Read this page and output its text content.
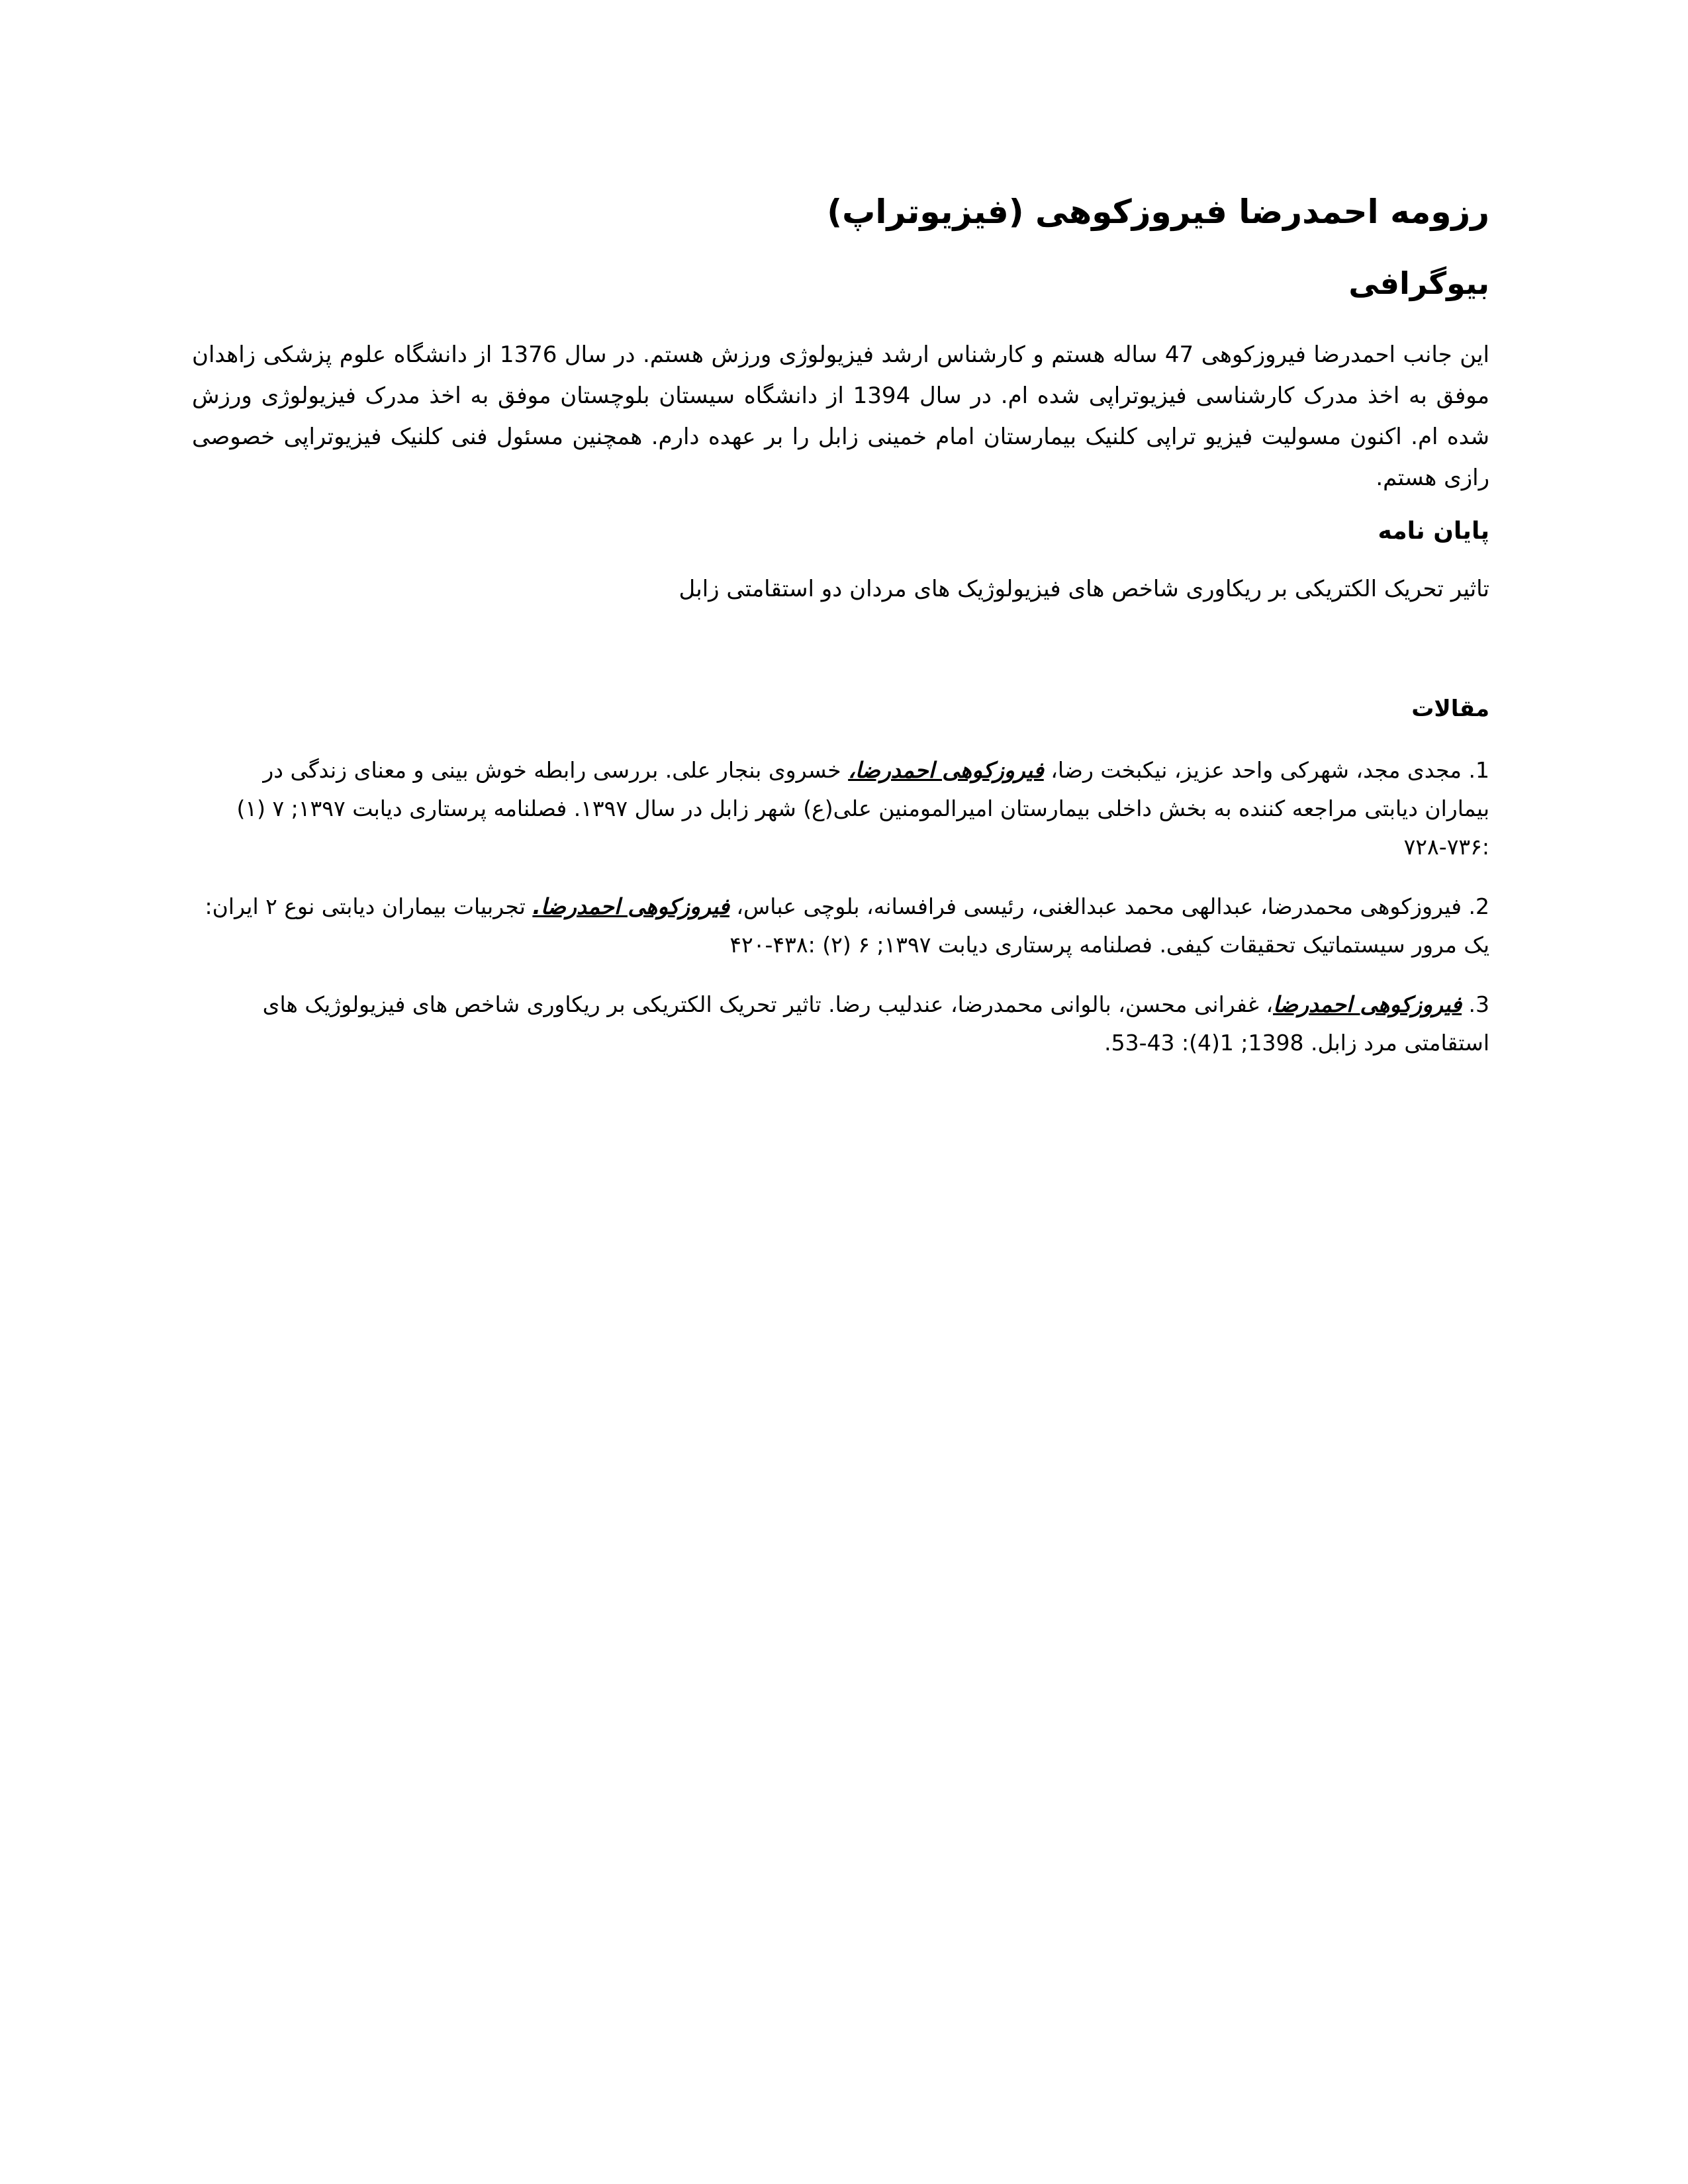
رزومه احمدرضا فیروزکوهی (فیزیوتراپ)
بیوگرافی

این جانب احمدرضا فیروزکوهی 47 ساله هستم و کارشناس ارشد فیزیولوژی ورزش هستم. در سال 1376 از دانشگاه علوم پزشکی زاهدان موفق به اخذ مدرک کارشناسی فیزیوتراپی شده ام. در سال 1394 از دانشگاه سیستان بلوچستان موفق به اخذ مدرک فیزیولوژی ورزش شده ام. اکنون مسولیت فیزیو تراپی کلنیک بیمارستان امام خمینی زابل را بر عهده دارم. همچنین مسئول فنی کلنیک فیزیوتراپی خصوصی رازی هستم.

پایان نامه

تاثیر تحریک الکتریکی بر ریکاوری شاخص های فیزیولوژیک های مردان دو استقامتی زابل

مقالات
1. مجدی مجد، شهرکی واحد عزیز، نیکبخت رضا، فیروزکوهی احمدرضا، خسروی بنجار علی. بررسی رابطه خوش بینی و معنای زندگی در بیماران دیابتی مراجعه کننده به بخش داخلی بیمارستان امیرالمومنین علی(ع) شهر زابل در سال ۱۳۹۷. فصلنامه پرستاری دیابت ۱۳۹۷; ۷ (۱) :۷۳۶-۷۲۸
2. فیروزکوهی محمدرضا، عبدالهی محمد عبدالغنی، رئیسی فرافسانه، بلوچی عباس، فیروزکوهی احمدرضا. تجربیات بیماران دیابتی نوع ۲ ایران: یک مرور سیستماتیک تحقیقات کیفی. فصلنامه پرستاری دیابت ۱۳۹۷; ۶ (۲) :۴۳۸-۴۲۰
3. فیروزکوهی احمدرضا، غفرانی محسن، بالوانی محمدرضا، عندلیب رضا. تاثیر تحریک الکتریکی بر ریکاوری شاخص های فیزیولوژیک های استقامتی مرد زابل. 1398; 1(4): 43-53.
